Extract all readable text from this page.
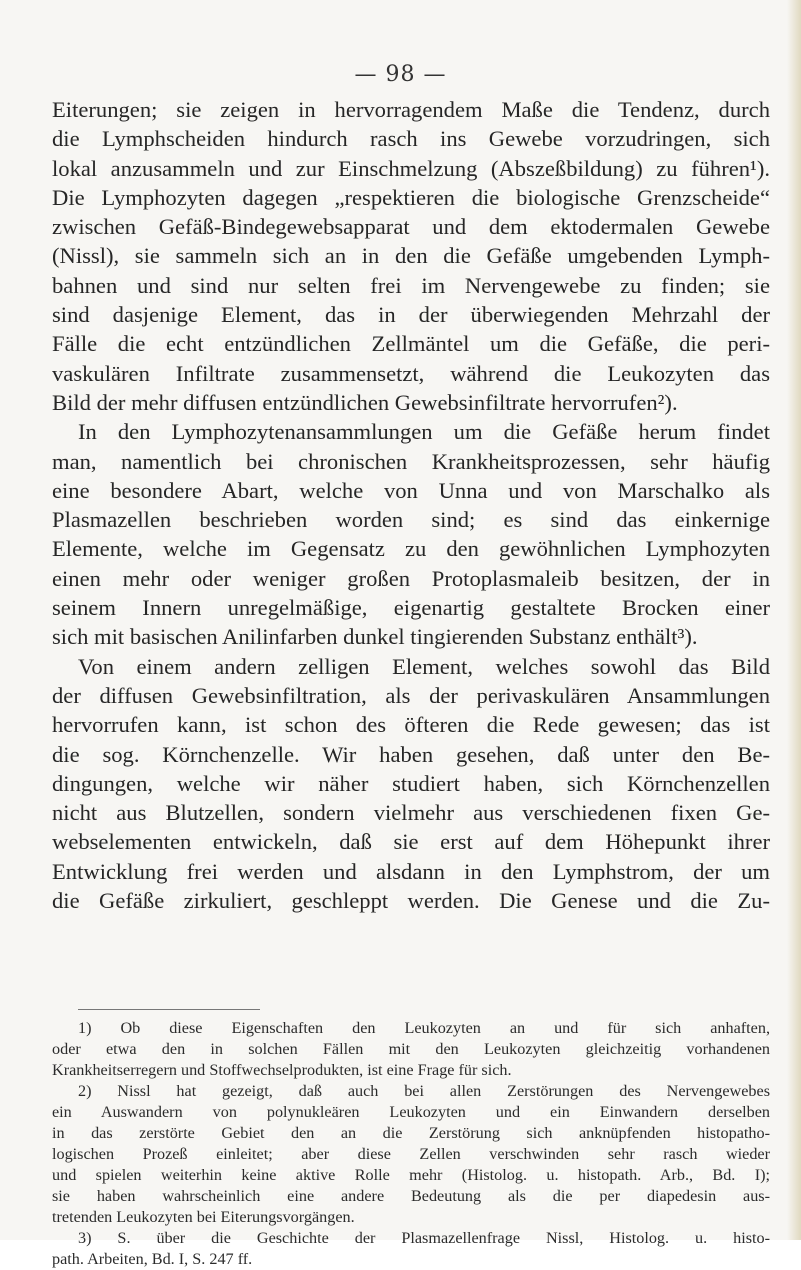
— 98 —
Eiterungen; sie zeigen in hervorragendem Maße die Tendenz, durch
die Lymphscheiden hindurch rasch ins Gewebe vorzudringen, sich
lokal anzusammeln und zur Einschmelzung (Abszeßbildung) zu führen¹).
Die Lymphozyten dagegen „respektieren die biologische Grenzscheide“
zwischen Gefäß-Bindegewebsapparat und dem ektodermalen Gewebe
(Nissl), sie sammeln sich an in den die Gefäße umgebenden Lymph-
bahnen und sind nur selten frei im Nervengewebe zu finden; sie
sind dasjenige Element, das in der überwiegenden Mehrzahl der
Fälle die echt entzündlichen Zellmäntel um die Gefäße, die peri-
vaskulären Infiltrate zusammensetzt, während die Leukozyten das
Bild der mehr diffusen entzündlichen Gewebsinfiltrate hervorrufen²).
In den Lymphozytenansammlungen um die Gefäße herum findet
man, namentlich bei chronischen Krankheitsprozessen, sehr häufig
eine besondere Abart, welche von Unna und von Marschalko als
Plasmazellen beschrieben worden sind; es sind das einkernige
Elemente, welche im Gegensatz zu den gewöhnlichen Lymphozyten
einen mehr oder weniger großen Protoplasmaleib besitzen, der in
seinem Innern unregelmäßige, eigenartig gestaltete Brocken einer
sich mit basischen Anilinfarben dunkel tingierenden Substanz enthält³).
Von einem andern zelligen Element, welches sowohl das Bild
der diffusen Gewebsinfiltration, als der perivaskulären Ansammlungen
hervorrufen kann, ist schon des öfteren die Rede gewesen; das ist
die sog. Körnchenzelle. Wir haben gesehen, daß unter den Be-
dingungen, welche wir näher studiert haben, sich Körnchenzellen
nicht aus Blutzellen, sondern vielmehr aus verschiedenen fixen Ge-
webselementen entwickeln, daß sie erst auf dem Höhepunkt ihrer
Entwicklung frei werden und alsdann in den Lymphstrom, der um
die Gefäße zirkuliert, geschleppt werden. Die Genese und die Zu-
1) Ob diese Eigenschaften den Leukozyten an und für sich anhaften,
oder etwa den in solchen Fällen mit den Leukozyten gleichzeitig vorhandenen
Krankheitserregern und Stoffwechselprodukten, ist eine Frage für sich.
2) Nissl hat gezeigt, daß auch bei allen Zerstörungen des Nervengewebes
ein Auswandern von polynukleären Leukozyten und ein Einwandern derselben
in das zerstörte Gebiet den an die Zerstörung sich anknüpfenden histopatho-
logischen Prozeß einleitet; aber diese Zellen verschwinden sehr rasch wieder
und spielen weiterhin keine aktive Rolle mehr (Histolog. u. histopath. Arb., Bd. I);
sie haben wahrscheinlich eine andere Bedeutung als die per diapedesin aus-
tretenden Leukozyten bei Eiterungsvorgängen.
3) S. über die Geschichte der Plasmazellenfrage Nissl, Histolog. u. histo-
path. Arbeiten, Bd. I, S. 247 ff.
